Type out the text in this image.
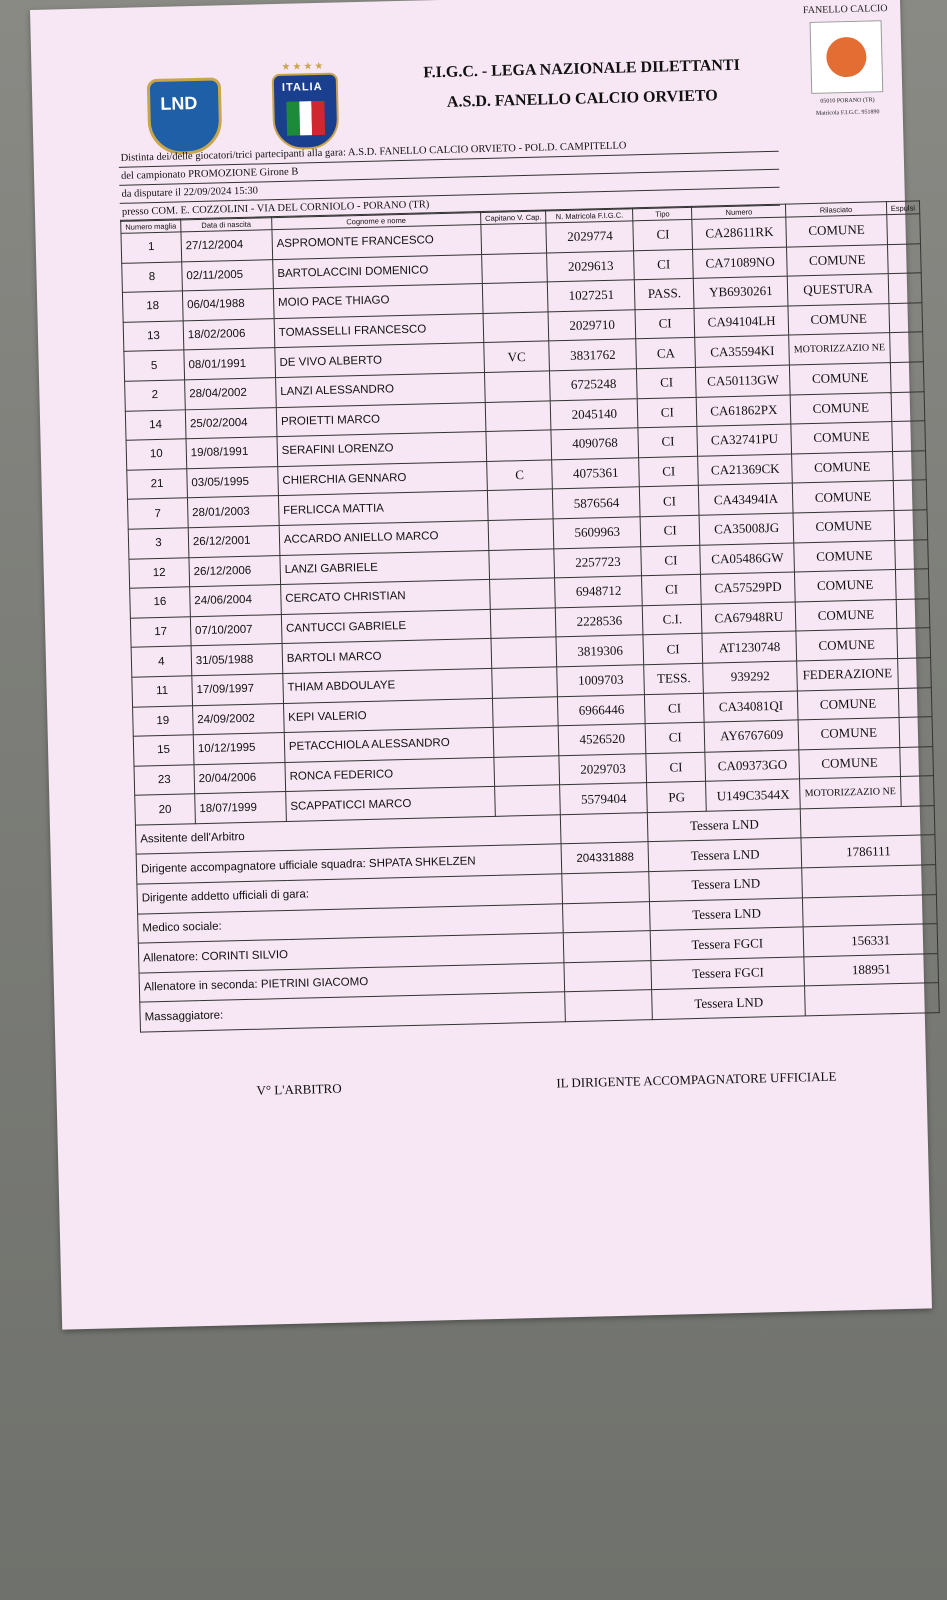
LND
★★★★
ITALIA
F.I.G.C. - LEGA NAZIONALE DILETTANTI
A.S.D. FANELLO CALCIO ORVIETO
FANELLO CALCIO
05010 PORANO (TR)
Matricola F.I.G.C. 951890
Distinta dei/delle giocatori/trici partecipanti alla gara: A.S.D. FANELLO CALCIO ORVIETO - POL.D. CAMPITELLO
del campionato PROMOZIONE Girone B
da disputare il 22/09/2024 15:30
presso COM. E. COZZOLINI - VIA DEL CORNIOLO - PORANO (TR)
Numero maglia	Data di nascita	Cognome e nome	Capitano V. Cap.	N. Matricola F.I.G.C.	Tipo	Numero	Rilasciato	Espulsi
1	27/12/2004	ASPROMONTE FRANCESCO		2029774	CI	CA28611RK	COMUNE	
8	02/11/2005	BARTOLACCINI DOMENICO		2029613	CI	CA71089NO	COMUNE	
18	06/04/1988	MOIO PACE THIAGO		1027251	PASS.	YB6930261	QUESTURA	
13	18/02/2006	TOMASSELLI FRANCESCO		2029710	CI	CA94104LH	COMUNE	
5	08/01/1991	DE VIVO ALBERTO	VC	3831762	CA	CA35594KI	MOTORIZZAZIO NE	
2	28/04/2002	LANZI ALESSANDRO		6725248	CI	CA50113GW	COMUNE	
14	25/02/2004	PROIETTI MARCO		2045140	CI	CA61862PX	COMUNE	
10	19/08/1991	SERAFINI LORENZO		4090768	CI	CA32741PU	COMUNE	
21	03/05/1995	CHIERCHIA GENNARO	C	4075361	CI	CA21369CK	COMUNE	
7	28/01/2003	FERLICCA MATTIA		5876564	CI	CA43494IA	COMUNE	
3	26/12/2001	ACCARDO ANIELLO MARCO		5609963	CI	CA35008JG	COMUNE	
12	26/12/2006	LANZI GABRIELE		2257723	CI	CA05486GW	COMUNE	
16	24/06/2004	CERCATO CHRISTIAN		6948712	CI	CA57529PD	COMUNE	
17	07/10/2007	CANTUCCI GABRIELE		2228536	C.I.	CA67948RU	COMUNE	
4	31/05/1988	BARTOLI MARCO		3819306	CI	AT1230748	COMUNE	
11	17/09/1997	THIAM ABDOULAYE		1009703	TESS.	939292	FEDERAZIONE	
19	24/09/2002	KEPI VALERIO		6966446	CI	CA34081QI	COMUNE	
15	10/12/1995	PETACCHIOLA ALESSANDRO		4526520	CI	AY6767609	COMUNE	
23	20/04/2006	RONCA FEDERICO		2029703	CI	CA09373GO	COMUNE	
20	18/07/1999	SCAPPATICCI MARCO		5579404	PG	U149C3544X	MOTORIZZAZIO NE	
Assitente dell'Arbitro					Tessera LND			
Dirigente accompagnatore ufficiale squadra: SHPATA SHKELZEN				204331888	Tessera LND		1786111	
Dirigente addetto ufficiali di gara:					Tessera LND			
Medico sociale:					Tessera LND			
Allenatore: CORINTI SILVIO					Tessera FGCI		156331	
Allenatore in seconda: PIETRINI GIACOMO					Tessera FGCI		188951	
Massaggiatore:					Tessera LND			
V° L'ARBITRO	IL DIRIGENTE ACCOMPAGNATORE UFFICIALE
